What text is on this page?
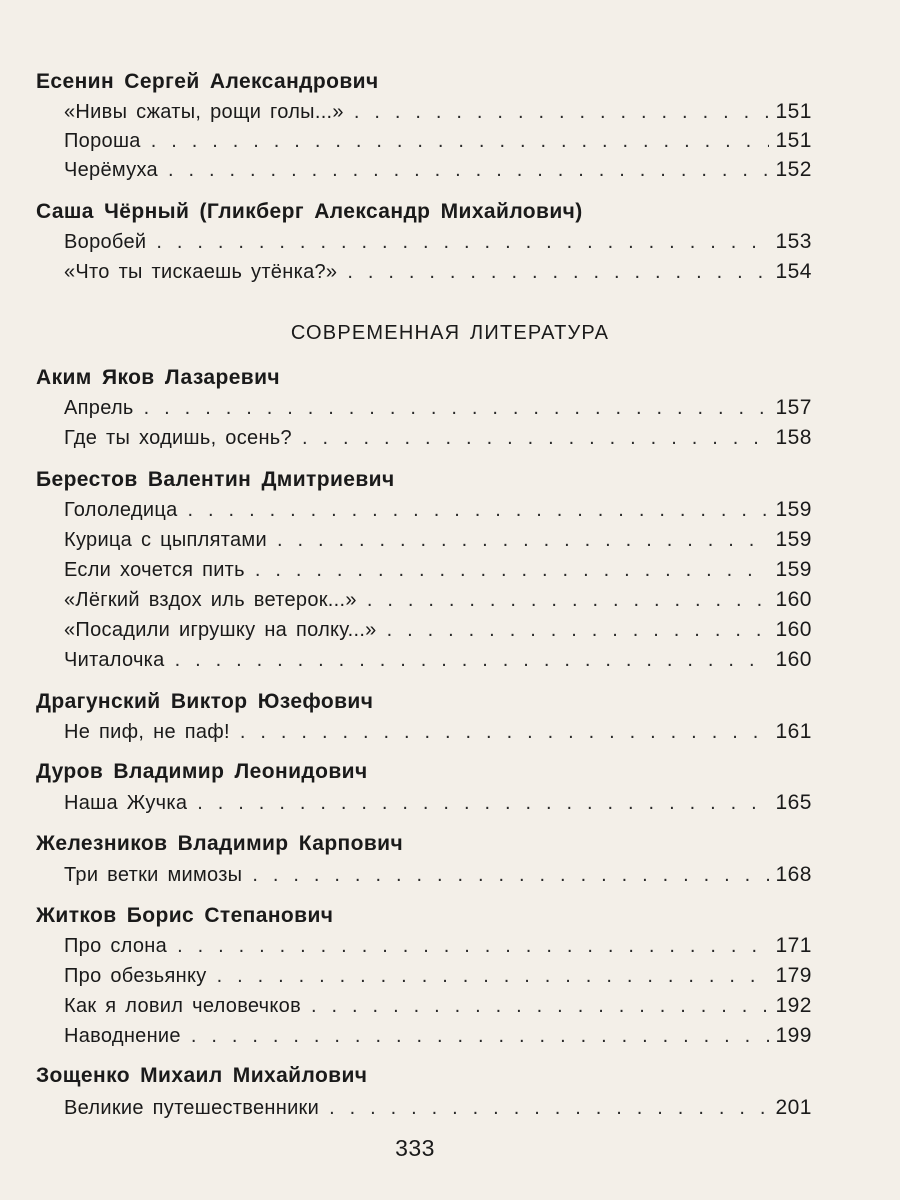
Есенин Сергей Александрович
«Нивы сжаты, рощи голы...» . . .	151
Пороша . . .	151
Черёмуха . . .	152
Саша Чёрный (Гликберг Александр Михайлович)
Воробей . . .	153
«Что ты тискаешь утёнка?» . . .	154
СОВРЕМЕННАЯ ЛИТЕРАТУРА
Аким Яков Лазаревич
Апрель . . .	157
Где ты ходишь, осень? . . .	158
Берестов Валентин Дмитриевич
Гололедица . . .	159
Курица с цыплятами . . .	159
Если хочется пить . . .	159
«Лёгкий вздох иль ветерок...» . . .	160
«Посадили игрушку на полку...» . . .	160
Читалочка . . .	160
Драгунский Виктор Юзефович
Не пиф, не паф! . . .	161
Дуров Владимир Леонидович
Наша Жучка . . .	165
Железников Владимир Карпович
Три ветки мимозы . . .	168
Житков Борис Степанович
Про слона . . .	171
Про обезьянку . . .	179
Как я ловил человечков . . .	192
Наводнение . . .	199
Зощенко Михаил Михайлович
Великие путешественники . . .	201
333
